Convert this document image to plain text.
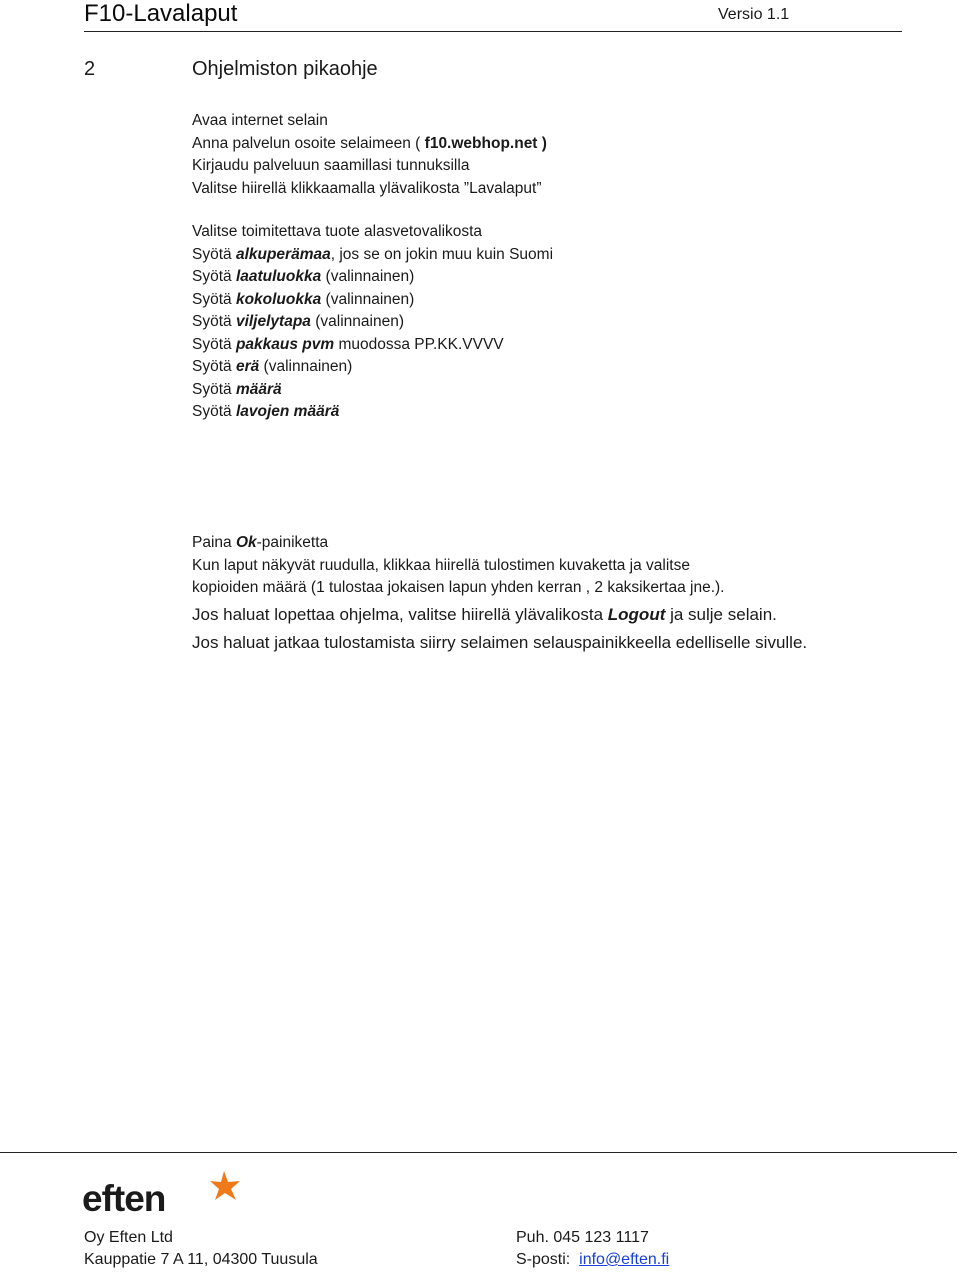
F10-Lavalaput	Versio 1.1
2	Ohjelmiston pikaohje
Avaa internet selain
Anna palvelun osoite selaimeen ( f10.webhop.net )
Kirjaudu palveluun saamillasi tunnuksilla
Valitse hiirellä klikkaamalla ylävalikosta ”Lavalaput”
Valitse toimitettava tuote alasvetovalikosta
Syötä alkuperämaa, jos se on jokin muu kuin Suomi
Syötä laatuluokka (valinnainen)
Syötä kokoluokka (valinnainen)
Syötä viljelytapa (valinnainen)
Syötä pakkaus pvm muodossa PP.KK.VVVV
Syötä erä (valinnainen)
Syötä määrä
Syötä lavojen määrä
Paina Ok-painiketta
Kun laput näkyvät ruudulla, klikkaa hiirellä tulostimen kuvaketta ja valitse
kopioiden määrä (1 tulostaa jokaisen lapun yhden kerran , 2 kaksikertaa jne.).
Jos haluat lopettaa ohjelma, valitse hiirellä ylävalikosta Logout ja sulje selain.
Jos haluat jatkaa tulostamista siirry selaimen selauspainikkeella edelliselle sivulle.
eften
Oy Eften Ltd
Kauppatie 7 A 11, 04300 Tuusula
Puh. 045 123 1117
S-posti:  info@eften.fi
